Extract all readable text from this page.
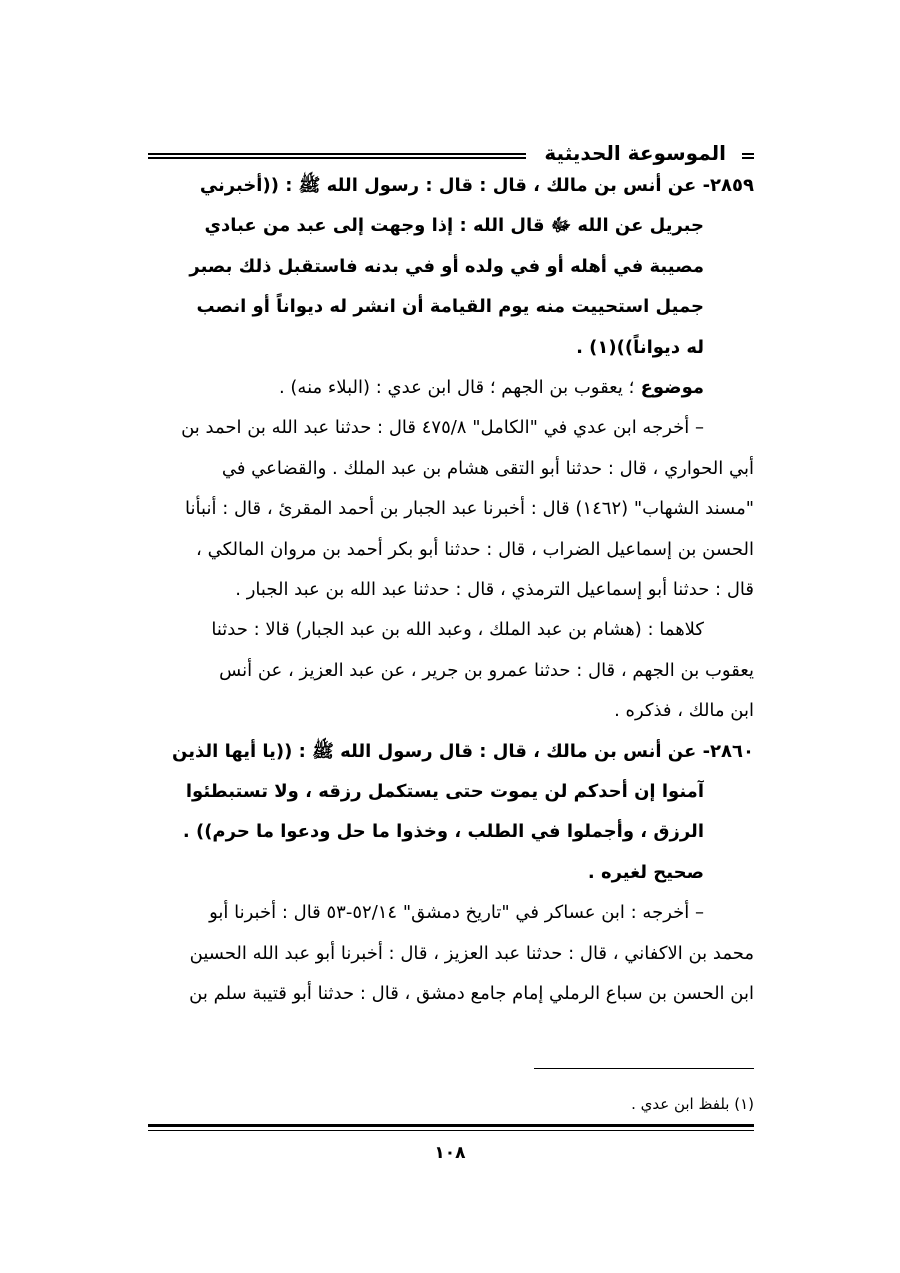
الموسوعة الحديثية
٢٨٥٩- عن أنس بن مالك ، قال : قال : رسول الله ﷺ : ((أخبرني
جبريل عن الله ﷻ قال الله : إذا وجهت إلى عبد من عبادي
مصيبة في أهله أو في ولده أو في بدنه فاستقبل ذلك بصبر
جميل استحييت منه يوم القيامة أن انشر له ديواناً أو انصب
له ديواناً))(١) .
موضوع ؛ يعقوب بن الجهم ؛ قال ابن عدي : (البلاء منه) .
– أخرجه ابن عدي في "الكامل" ٤٧٥/٨ قال : حدثنا عبد الله بن احمد بن
أبي الحواري ، قال : حدثنا أبو التقى هشام بن عبد الملك . والقضاعي في
"مسند الشهاب" (١٤٦٢) قال : أخبرنا عبد الجبار بن أحمد المقرئ ، قال : أنبأنا
الحسن بن إسماعيل الضراب ، قال : حدثنا أبو بكر أحمد بن مروان المالكي ،
قال : حدثنا أبو إسماعيل الترمذي ، قال : حدثنا عبد الله بن عبد الجبار .
كلاهما : (هشام بن عبد الملك ، وعبد الله بن عبد الجبار) قالا : حدثنا
يعقوب بن الجهم ، قال : حدثنا عمرو بن جرير ، عن عبد العزيز ، عن أنس
ابن مالك ، فذكره .
٢٨٦٠- عن أنس بن مالك ، قال : قال رسول الله ﷺ : ((يا أيها الذين
آمنوا إن أحدكم لن يموت حتى يستكمل رزقه ، ولا تستبطئوا
الرزق ، وأجملوا في الطلب ، وخذوا ما حل ودعوا ما حرم)) .
صحيح لغيره .
– أخرجه : ابن عساكر في "تاريخ دمشق" ٥٢/١٤-٥٣ قال : أخبرنا أبو
محمد بن الاكفاني ، قال : حدثنا عبد العزيز ، قال : أخبرنا أبو عبد الله الحسين
ابن الحسن بن سباع الرملي إمام جامع دمشق ، قال : حدثنا أبو قتيبة سلم بن
(١) بلفظ ابن عدي .
١٠٨
